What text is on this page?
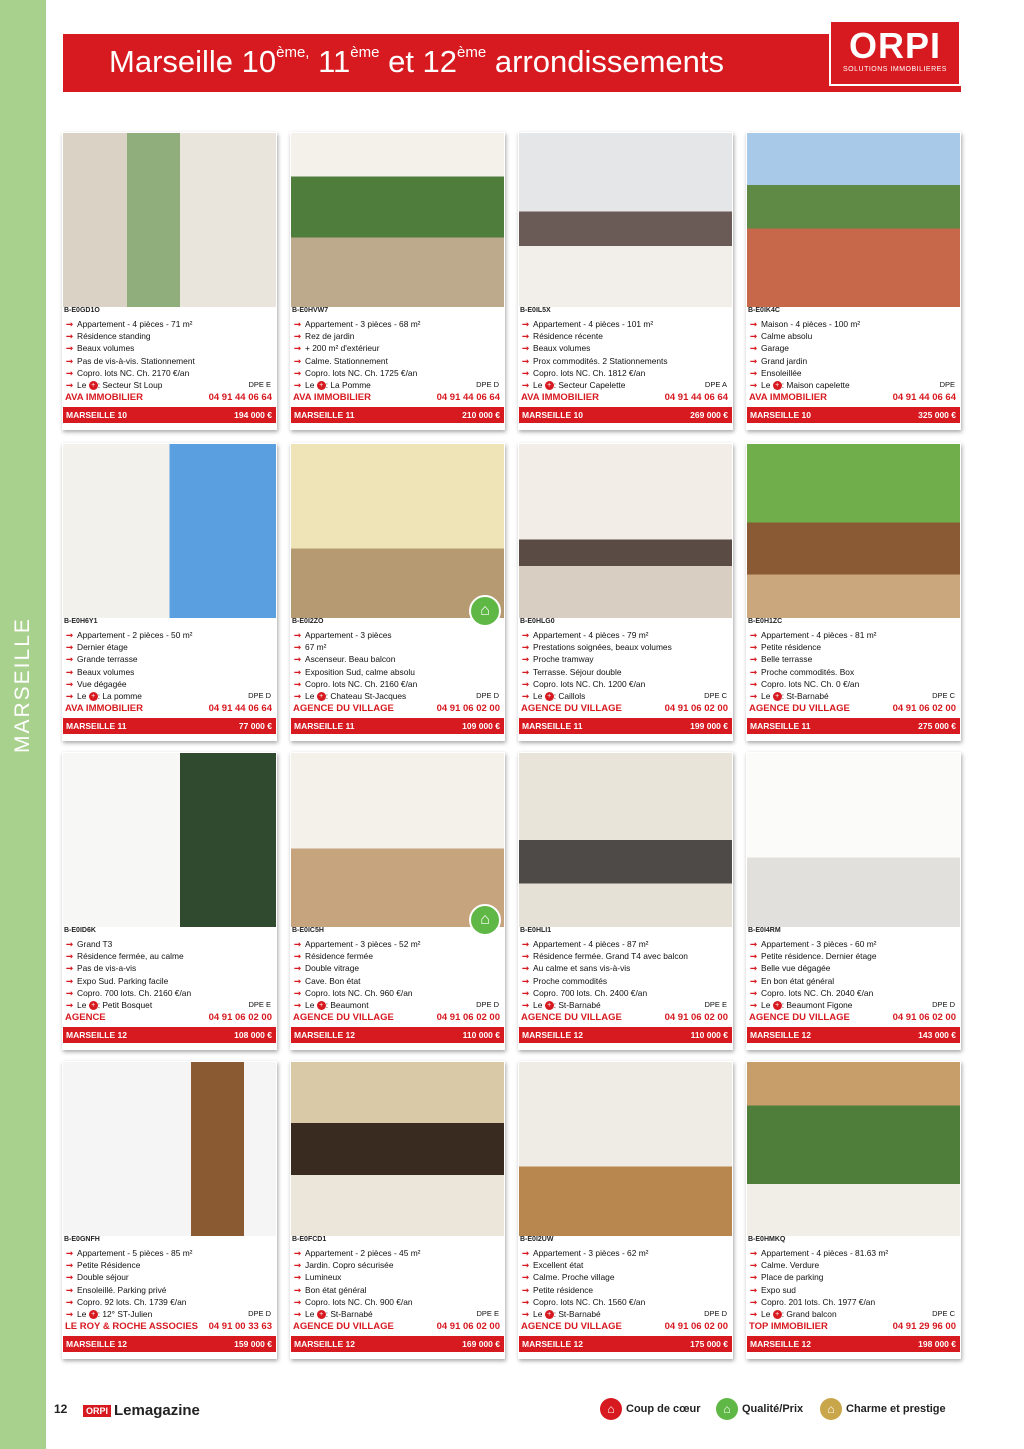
MARSEILLE
Marseille $10^{ème,}$ 11ème et 12ème arrondissements	ORPI
SOLUTIONS IMMOBILIERES
B-E0GD1O
➞ Appartement - 4 pièces - 71 m²
➞ Résidence standing
➞ Beaux volumes
➞ Pas de vis-à-vis. Stationnement
➞ Copro. lots NC. Ch. 2170 €/an
➞ Le + : Secteur St Loup	DPE E
AVA IMMOBILIER	04 91 44 06 64
MARSEILLE 10	194 000 €
B-E0HVW7
➞ Appartement - 3 pièces - 68 m²
➞ Rez de jardin
➞ + 200 m² d'extérieur
➞ Calme. Stationnement
➞ Copro. lots NC. Ch. 1725 €/an
➞ Le + : La Pomme	DPE D
AVA IMMOBILIER	04 91 44 06 64
MARSEILLE 11	210 000 €
B-E0IL5X
➞ Appartement - 4 pièces - 101 m²
➞ Résidence récente
➞ Beaux volumes
➞ Prox commodités. 2 Stationnements
➞ Copro. lots NC. Ch. 1812 €/an
➞ Le + : Secteur Capelette	DPE A
AVA IMMOBILIER	04 91 44 06 64
MARSEILLE 10	269 000 €
B-E0IK4C
➞ Maison - 4 pièces - 100 m²
➞ Calme absolu
➞ Garage
➞ Grand jardin
➞ Ensoleillée
➞ Le + : Maison capelette	DPE
AVA IMMOBILIER	04 91 44 06 64
MARSEILLE 10	325 000 €
B-E0H6Y1
➞ Appartement - 2 pièces - 50 m²
➞ Dernier étage
➞ Grande terrasse
➞ Beaux volumes
➞ Vue dégagée
➞ Le + : La pomme	DPE D
AVA IMMOBILIER	04 91 44 06 64
MARSEILLE 11	77 000 €
⌂
B-E0I2ZO
➞ Appartement - 3 pièces
➞ 67 m²
➞ Ascenseur. Beau balcon
➞ Exposition Sud, calme absolu
➞ Copro. lots NC. Ch. 2160 €/an
➞ Le + : Chateau St-Jacques	DPE D
AGENCE DU VILLAGE	04 91 06 02 00
MARSEILLE 11	109 000 €
B-E0HLG0
➞ Appartement - 4 pièces - 79 m²
➞ Prestations soignées, beaux volumes
➞ Proche tramway
➞ Terrasse. Séjour double
➞ Copro. lots NC. Ch. 1200 €/an
➞ Le + : Caillols	DPE C
AGENCE DU VILLAGE	04 91 06 02 00
MARSEILLE 11	199 000 €
B-E0H1ZC
➞ Appartement - 4 pièces - 81 m²
➞ Petite résidence
➞ Belle terrasse
➞ Proche commodités. Box
➞ Copro. lots NC. Ch. 0 €/an
➞ Le + : St-Barnabé	DPE C
AGENCE DU VILLAGE	04 91 06 02 00
MARSEILLE 11	275 000 €
B-E0ID6K
➞ Grand T3
➞ Résidence fermée, au calme
➞ Pas de vis-a-vis
➞ Expo Sud. Parking facile
➞ Copro. 700 lots. Ch. 2160 €/an
➞ Le + : Petit Bosquet	DPE E
AGENCE	04 91 06 02 00
MARSEILLE 12	108 000 €
⌂
B-E0IC5H
➞ Appartement - 3 pièces - 52 m²
➞ Résidence fermée
➞ Double vitrage
➞ Cave. Bon état
➞ Copro. lots NC. Ch. 960 €/an
➞ Le + : Beaumont	DPE D
AGENCE DU VILLAGE	04 91 06 02 00
MARSEILLE 12	110 000 €
B-E0HLI1
➞ Appartement - 4 pièces - 87 m²
➞ Résidence fermée. Grand T4 avec balcon
➞ Au calme et sans vis-à-vis
➞ Proche commodités
➞ Copro. 700 lots. Ch. 2400 €/an
➞ Le + : St-Barnabé	DPE E
AGENCE DU VILLAGE	04 91 06 02 00
MARSEILLE 12	110 000 €
B-E0I4RM
➞ Appartement - 3 pièces - 60 m²
➞ Petite résidence. Dernier étage
➞ Belle vue dégagée
➞ En bon état général
➞ Copro. lots NC. Ch. 2040 €/an
➞ Le + : Beaumont Figone	DPE D
AGENCE DU VILLAGE	04 91 06 02 00
MARSEILLE 12	143 000 €
B-E0GNFH
➞ Appartement - 5 pièces - 85 m²
➞ Petite Résidence
➞ Double séjour
➞ Ensoleillé. Parking privé
➞ Copro. 92 lots. Ch. 1739 €/an
➞ Le + : 12° ST-Julien	DPE D
LE ROY & ROCHE ASSOCIES 04 91 00 33 63
MARSEILLE 12	159 000 €
B-E0FCD1
➞ Appartement - 2 pièces - 45 m²
➞ Jardin. Copro sécurisée
➞ Lumineux
➞ Bon état général
➞ Copro. lots NC. Ch. 900 €/an
➞ Le + : St-Barnabé	DPE E
AGENCE DU VILLAGE	04 91 06 02 00
MARSEILLE 12	169 000 €
B-E0I2UW
➞ Appartement - 3 pièces - 62 m²
➞ Excellent état
➞ Calme. Proche village
➞ Petite résidence
➞ Copro. lots NC. Ch. 1560 €/an
➞ Le + : St-Barnabé	DPE D
AGENCE DU VILLAGE	04 91 06 02 00
MARSEILLE 12	175 000 €
B-E0HMKQ
➞ Appartement - 4 pièces - 81.63 m²
➞ Calme. Verdure
➞ Place de parking
➞ Expo sud
➞ Copro. 201 lots. Ch. 1977 €/an
➞ Le + : Grand balcon	DPE C
TOP IMMOBILIER	04 91 29 96 00
MARSEILLE 12	198 000 €
12	ORPI Lemagazine	⌂ Coup de cœur	⌂ Qualité/Prix	⌂ Charme et prestige
